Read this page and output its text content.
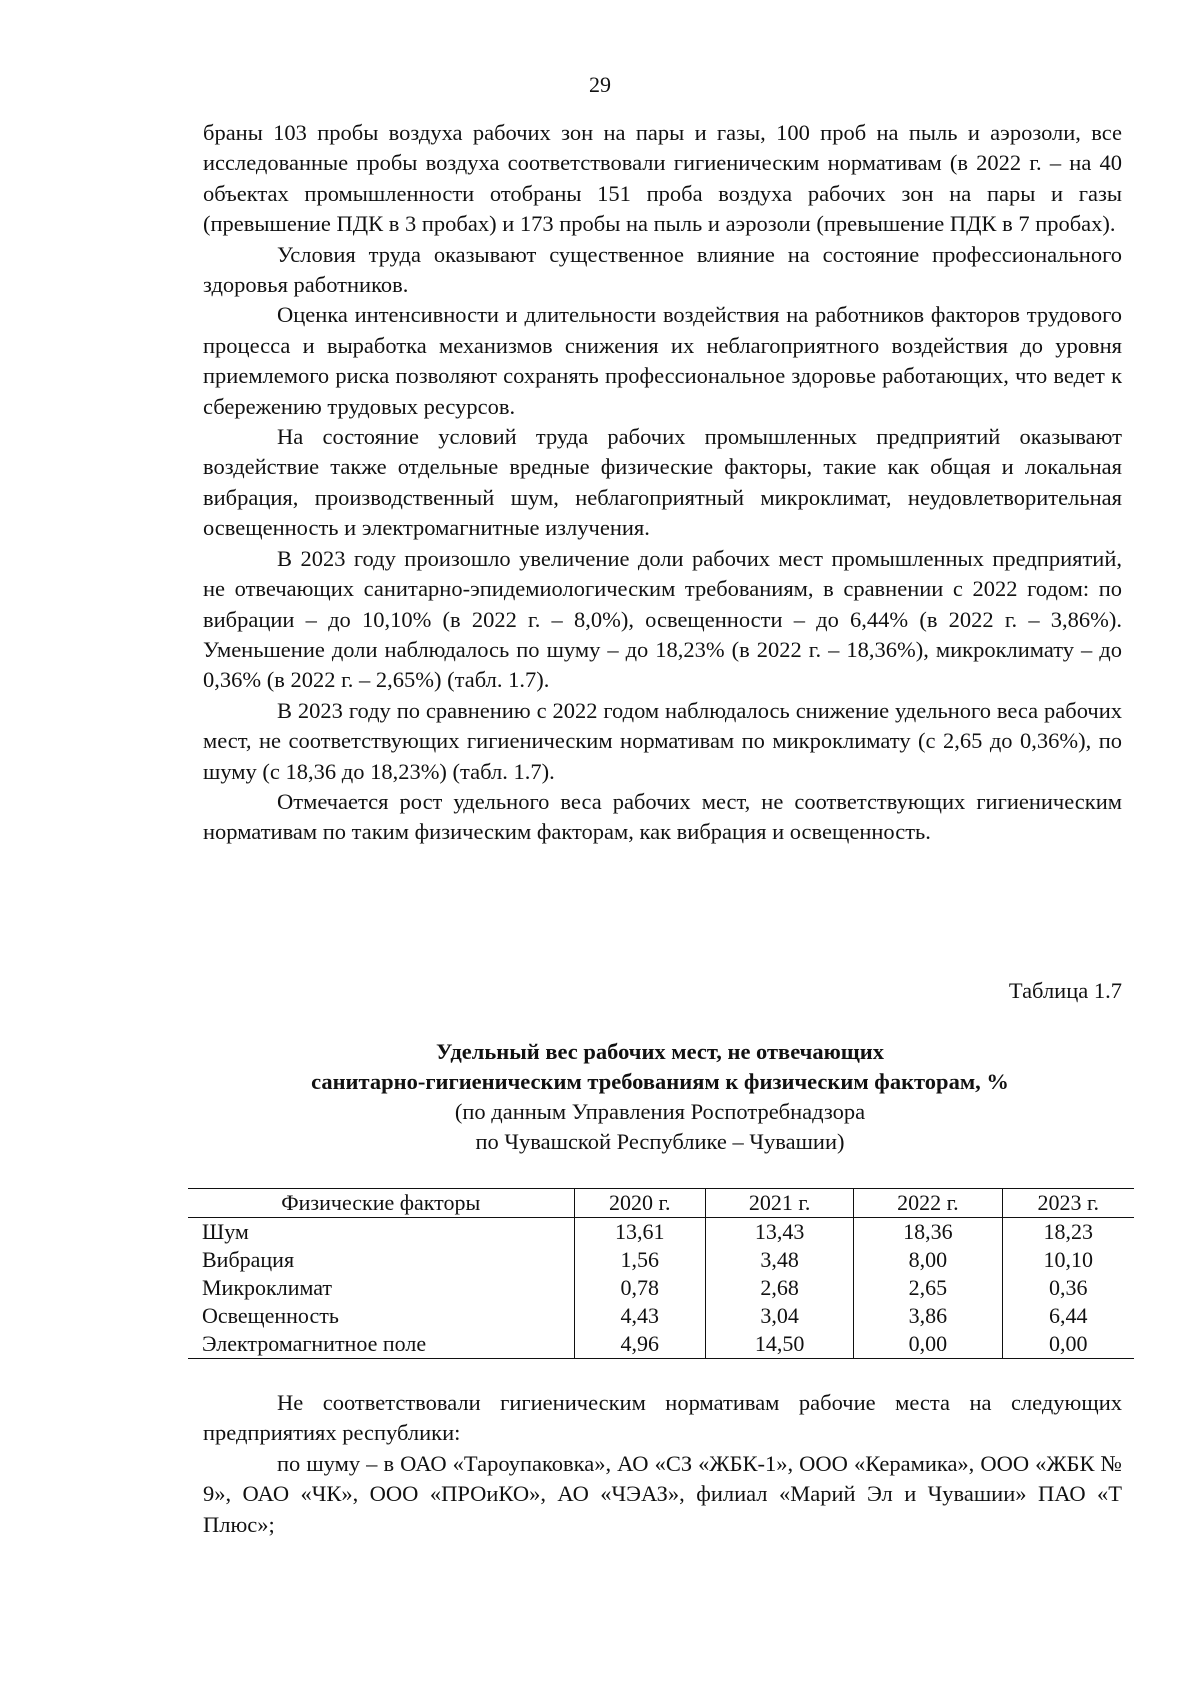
29

браны 103 пробы воздуха рабочих зон на пары и газы, 100 проб на пыль и аэрозоли, все исследованные пробы воздуха соответствовали гигиеническим нормативам (в 2022 г. – на 40 объектах промышленности отобраны 151 проба воздуха рабочих зон на пары и газы (превышение ПДК в 3 пробах) и 173 пробы на пыль и аэрозоли (превышение ПДК в 7 пробах).

Условия труда оказывают существенное влияние на состояние профессионального здоровья работников.

Оценка интенсивности и длительности воздействия на работников факторов трудового процесса и выработка механизмов снижения их неблагоприятного воздействия до уровня приемлемого риска позволяют сохранять профессиональное здоровье работающих, что ведет к сбережению трудовых ресурсов.

На состояние условий труда рабочих промышленных предприятий оказывают воздействие также отдельные вредные физические факторы, такие как общая и локальная вибрация, производственный шум, неблагоприятный микроклимат, неудовлетворительная освещенность и электромагнитные излучения.

В 2023 году произошло увеличение доли рабочих мест промышленных предприятий, не отвечающих санитарно-эпидемиологическим требованиям, в сравнении с 2022 годом: по вибрации – до 10,10% (в 2022 г. – 8,0%), освещенности – до 6,44% (в 2022 г. – 3,86%). Уменьшение доли наблюдалось по шуму – до 18,23% (в 2022 г. – 18,36%), микроклимату – до 0,36% (в 2022 г. – 2,65%) (табл. 1.7).

В 2023 году по сравнению с 2022 годом наблюдалось снижение удельного веса рабочих мест, не соответствующих гигиеническим нормативам по микроклимату (с 2,65 до 0,36%), по шуму (с 18,36 до 18,23%) (табл. 1.7).

Отмечается рост удельного веса рабочих мест, не соответствующих гигиеническим нормативам по таким физическим факторам, как вибрация и освещенность.

Таблица 1.7
Удельный вес рабочих мест, не отвечающих
санитарно-гигиеническим требованиям к физическим факторам, %
(по данным Управления Роспотребнадзора
по Чувашской Республике – Чувашии)
Физические факторы	2020 г.	2021 г.	2022 г.	2023 г.
Шум	13,61	13,43	18,36	18,23
Вибрация	1,56	3,48	8,00	10,10
Микроклимат	0,78	2,68	2,65	0,36
Освещенность	4,43	3,04	3,86	6,44
Электромагнитное поле	4,96	14,50	0,00	0,00

Не соответствовали гигиеническим нормативам рабочие места на следующих предприятиях республики:

по шуму – в ОАО «Тароупаковка», АО «СЗ «ЖБК-1», ООО «Керамика», ООО «ЖБК № 9», ОАО «ЧК», ООО «ПРОиКО», АО «ЧЭАЗ», филиал «Марий Эл и Чувашии» ПАО «Т Плюс»;
